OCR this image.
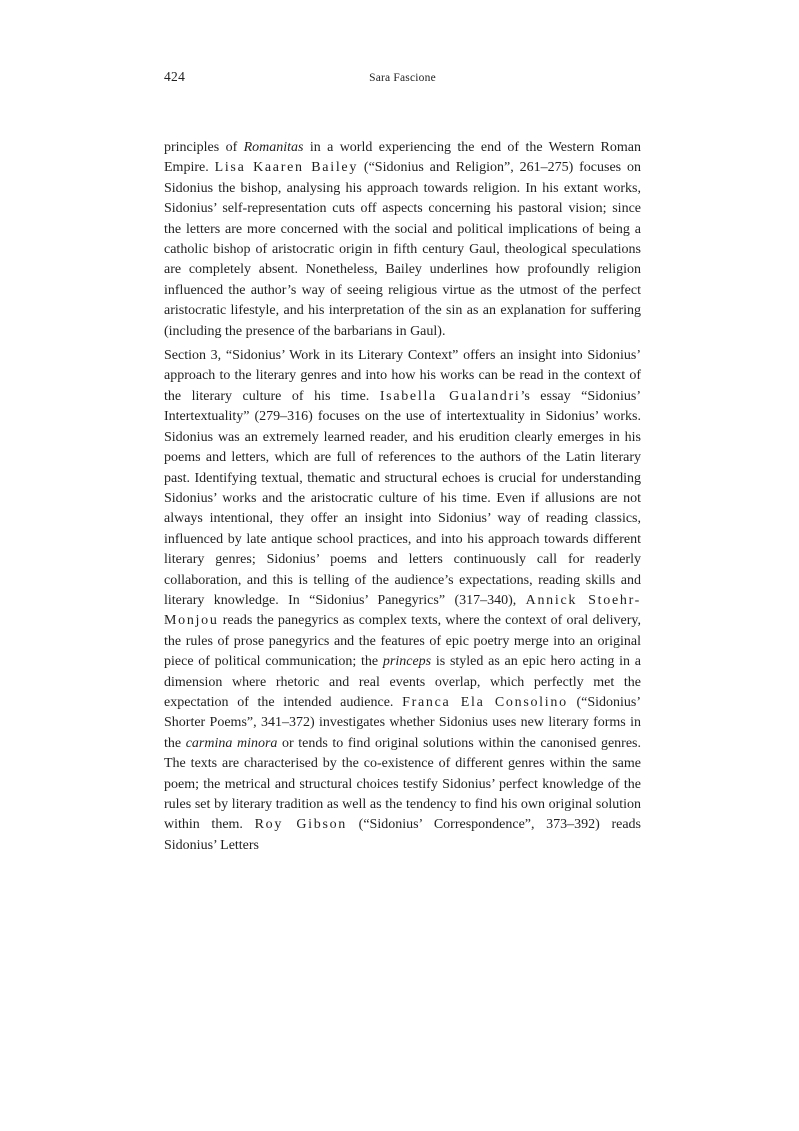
424	Sara Fascione

principles of Romanitas in a world experiencing the end of the Western Roman Empire. Lisa Kaaren Bailey (“Sidonius and Religion”, 261–275) focuses on Sidonius the bishop, analysing his approach towards religion. In his extant works, Sidonius’ self-representation cuts off aspects concerning his pastoral vision; since the letters are more concerned with the social and political implications of being a catholic bishop of aristocratic origin in fifth century Gaul, theological speculations are completely absent. Nonetheless, Bailey underlines how profoundly religion influenced the author’s way of seeing religious virtue as the utmost of the perfect aristocratic lifestyle, and his interpretation of the sin as an explanation for suffering (including the presence of the barbarians in Gaul).

Section 3, “Sidonius’ Work in its Literary Context” offers an insight into Sidonius’ approach to the literary genres and into how his works can be read in the context of the literary culture of his time. Isabella Gualandri’s essay “Sidonius’ Intertextuality” (279–316) focuses on the use of intertextuality in Sidonius’ works. Sidonius was an extremely learned reader, and his erudition clearly emerges in his poems and letters, which are full of references to the authors of the Latin literary past. Identifying textual, thematic and structural echoes is crucial for understanding Sidonius’ works and the aristocratic culture of his time. Even if allusions are not always intentional, they offer an insight into Sidonius’ way of reading classics, influenced by late antique school practices, and into his approach towards different literary genres; Sidonius’ poems and letters continuously call for readerly collaboration, and this is telling of the audience’s expectations, reading skills and literary knowledge. In “Sidonius’ Panegyrics” (317–340), Annick Stoehr-Monjou reads the panegyrics as complex texts, where the context of oral delivery, the rules of prose panegyrics and the features of epic poetry merge into an original piece of political communication; the princeps is styled as an epic hero acting in a dimension where rhetoric and real events overlap, which perfectly met the expectation of the intended audience. Franca Ela Consolino (“Sidonius’ Shorter Poems”, 341–372) investigates whether Sidonius uses new literary forms in the carmina minora or tends to find original solutions within the canonised genres. The texts are characterised by the co-existence of different genres within the same poem; the metrical and structural choices testify Sidonius’ perfect knowledge of the rules set by literary tradition as well as the tendency to find his own original solution within them. Roy Gibson (“Sidonius’ Correspondence”, 373–392) reads Sidonius’ Letters
